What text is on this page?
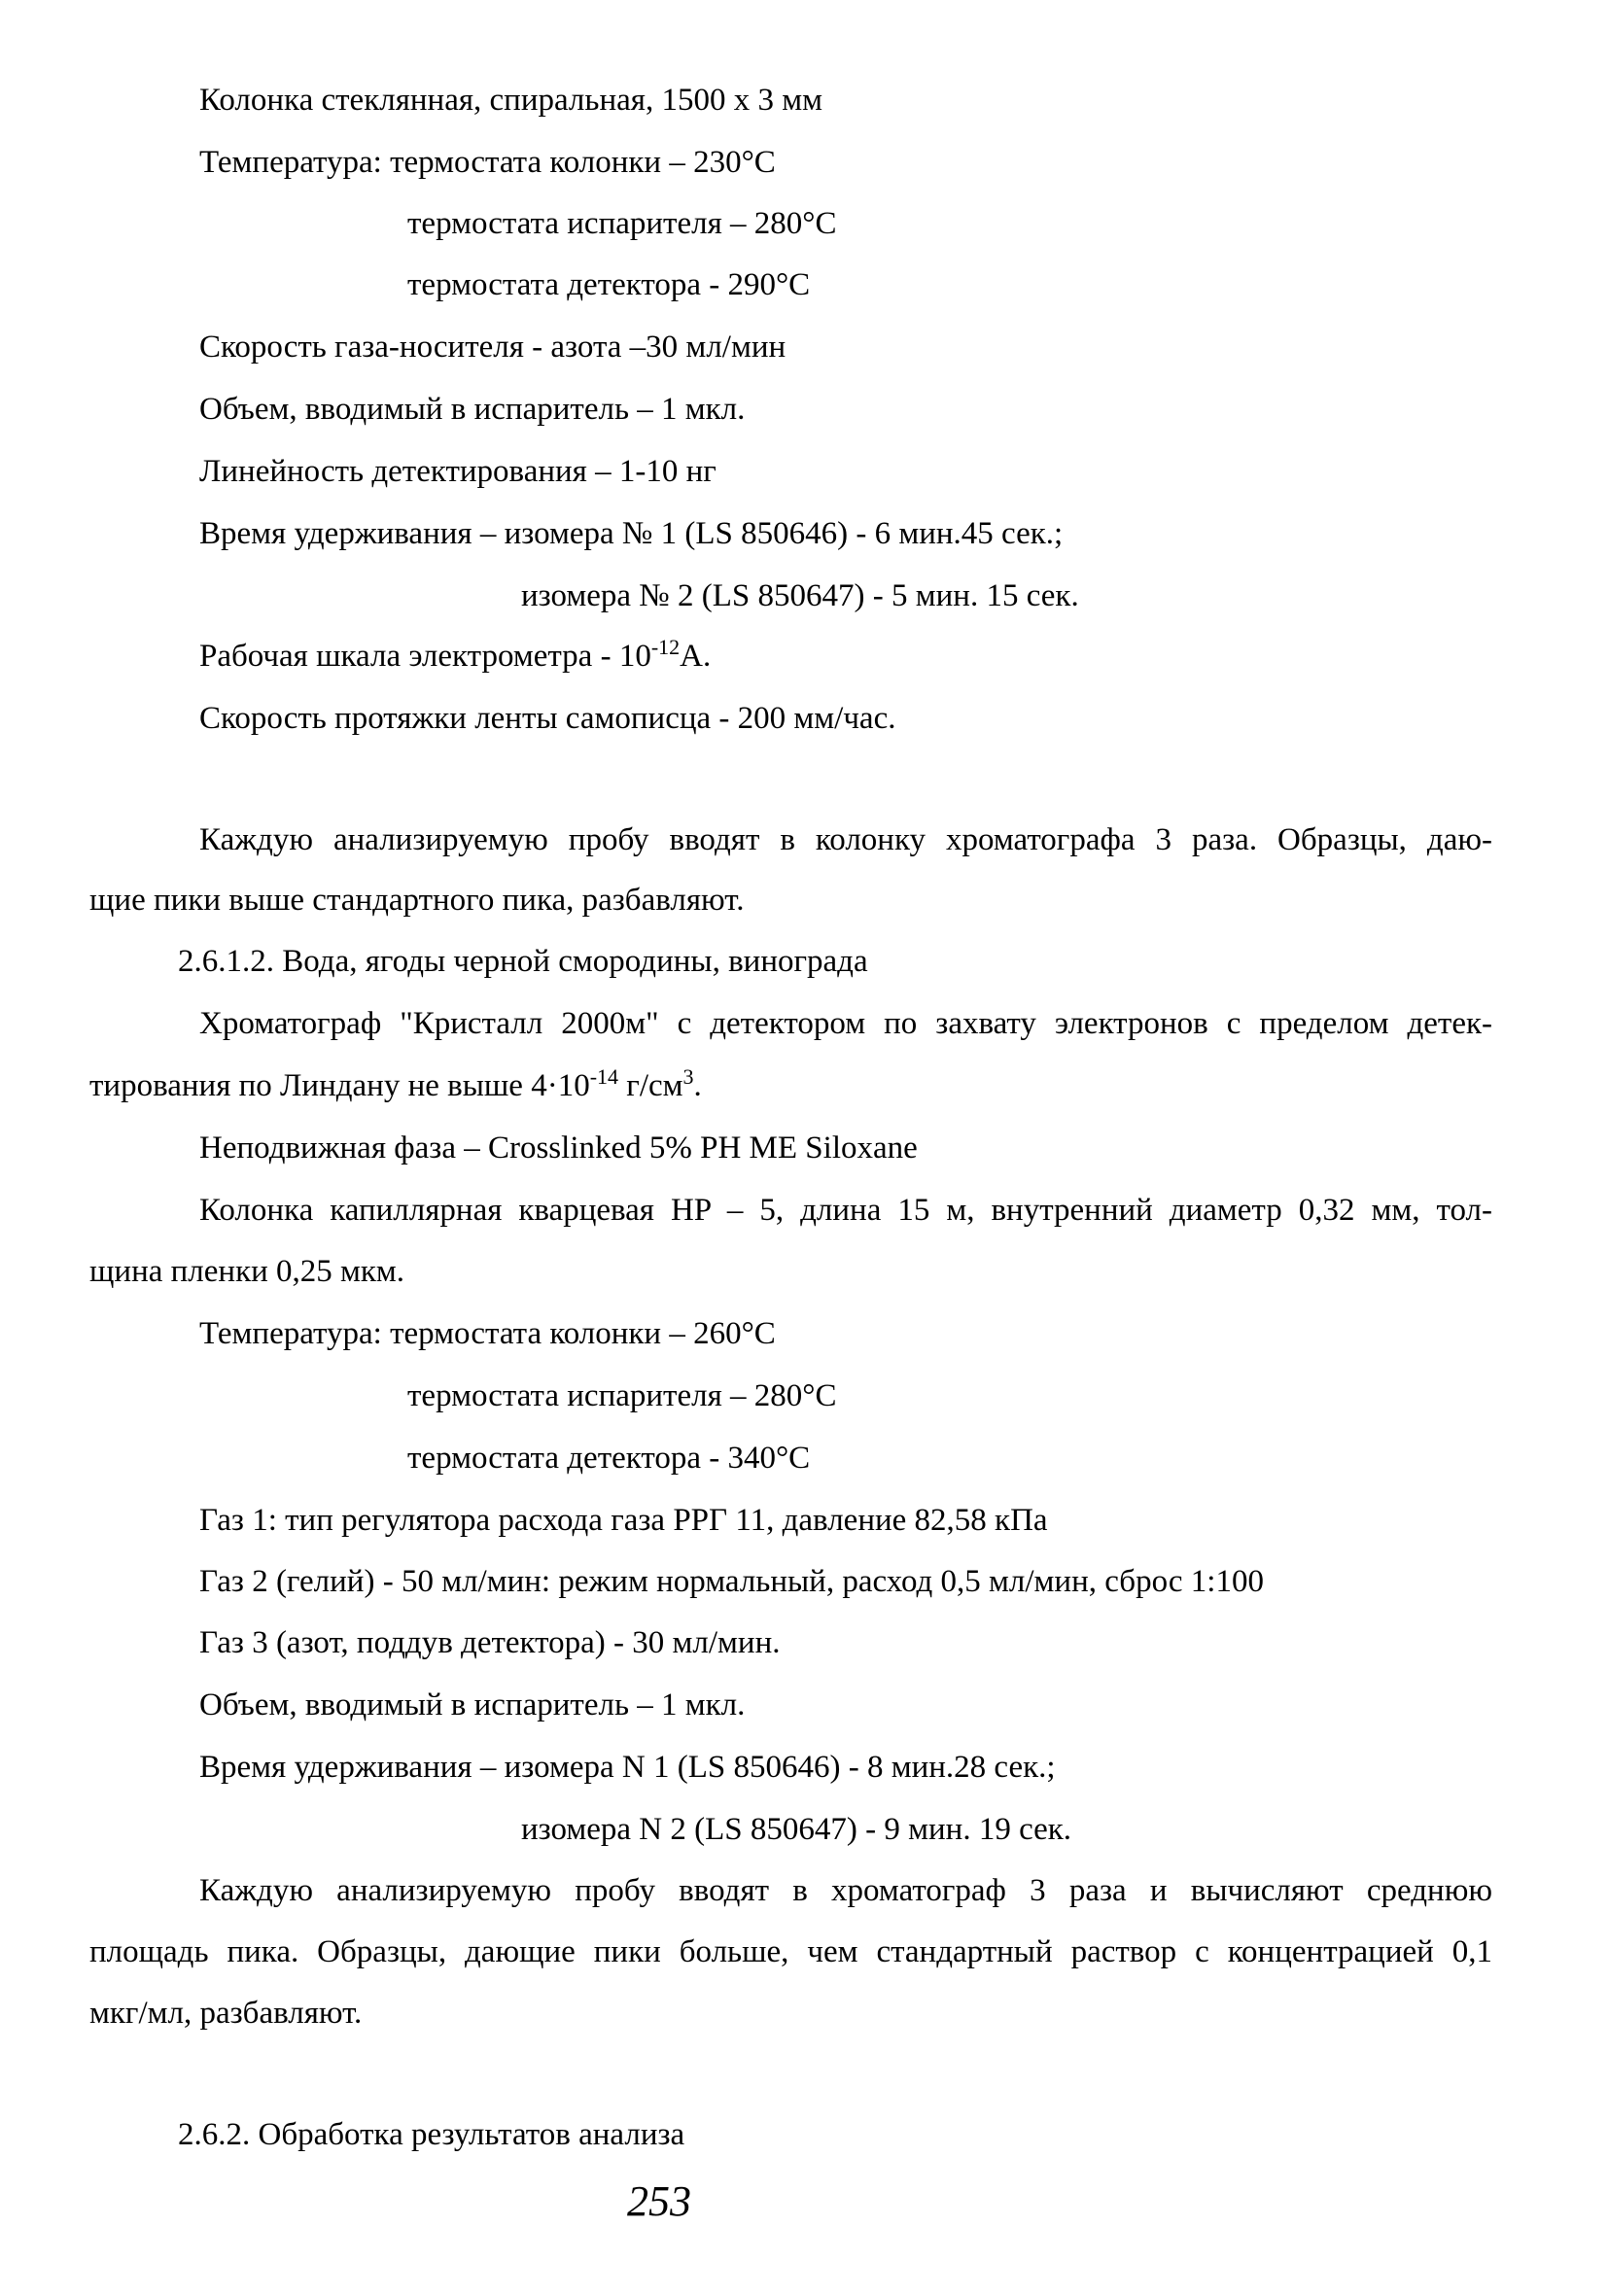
Колонка стеклянная, спиральная, 1500 х 3 мм
Температура: термостата колонки – 230°С
термостата испарителя – 280°С
термостата детектора - 290°С
Скорость газа-носителя - азота –30 мл/мин
Объем, вводимый в испаритель – 1 мкл.
Линейность детектирования – 1-10 нг
Время удерживания – изомера № 1 (LS 850646) - 6 мин.45 сек.;
изомера № 2 (LS 850647) - 5 мин. 15 сек.
Рабочая шкала электрометра - $10^{-12}А$.
Скорость протяжки ленты самописца - 200 мм/час.
Каждую анализируемую пробу вводят в колонку хроматографа 3 раза. Образцы, даю-
щие пики выше стандартного пика, разбавляют.
2.6.1.2. Вода, ягоды черной смородины, винограда
Хроматограф "Кристалл 2000м" с детектором по захвату электронов с пределом детек-
тирования по Линдану не выше $4\cdot 10^{-14}$ $г/см^3$.
Неподвижная фаза – Crosslinked 5% PH ME Siloxane
Колонка капиллярная кварцевая HP – 5, длина 15 м, внутренний диаметр 0,32 мм, тол-
щина пленки 0,25 мкм.
Температура: термостата колонки – 260°С
термостата испарителя – 280°С
термостата детектора - 340°С
Газ 1: тип регулятора расхода газа РРГ 11, давление 82,58 кПа
Газ 2 (гелий) - 50 мл/мин: режим нормальный, расход 0,5 мл/мин, сброс 1:100
Газ 3 (азот, поддув детектора) - 30 мл/мин.
Объем, вводимый в испаритель – 1 мкл.
Время удерживания – изомера N 1 (LS 850646) - 8 мин.28 сек.;
изомера N 2 (LS 850647) - 9 мин. 19 сек.
Каждую анализируемую пробу вводят в хроматограф 3 раза и вычисляют среднюю
площадь пика. Образцы, дающие пики больше, чем стандартный раствор с концентрацией 0,1
мкг/мл, разбавляют.
2.6.2. Обработка результатов анализа
253
